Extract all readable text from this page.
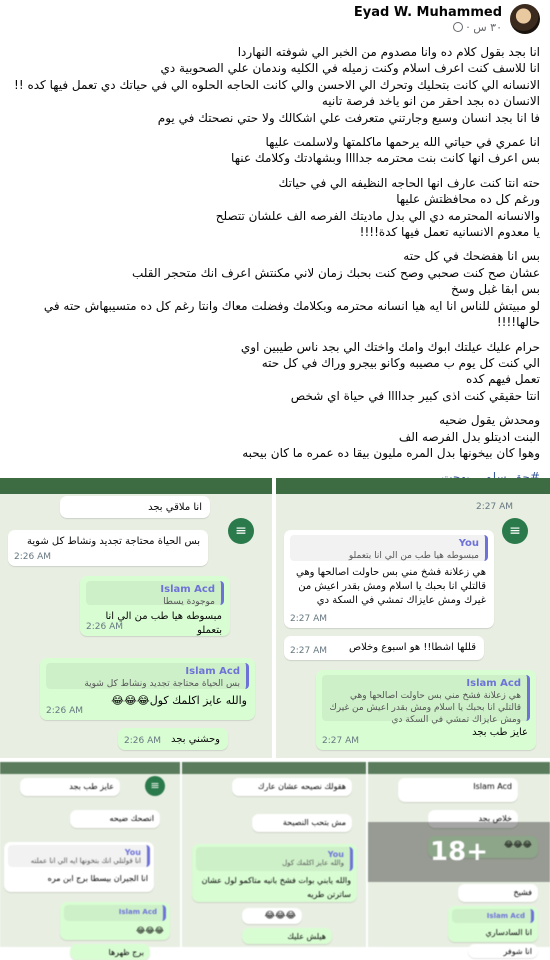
Eyad W. Muhammed
٣٠ س ·
انا بجد بقول كلام ده وانا مصدوم من الخبر الي شوفته النهاردا
انا للاسف كنت اعرف اسلام وكنت زميله في الكليه وندمان علي الصحوبية دي
الانسانه الي كانت بتحليك وتحرك الي الاحسن والي كانت الحاجه الحلوه الي في حياتك دي تعمل فيها كده !!
الانسان ده بجد احقر من انو ياخد فرصة تانيه
فا انا بجد انسان وسبع وجارتني متعرفت علي اشكالك ولا حتي نصحتك في يوم
انا عمري في حياتي الله يرحمها ماكلمتها ولاسلمت عليها
بس اعرف انها كانت بنت محترمه جداااا وبشهادتك وكلامك عنها
حته انتا كنت عارف انها الحاجه النظيفه الي في حياتك
ورغم كل ده محافظتش عليها
والانسانه المحترمه دي الي بدل ماديتك الفرصه الف علشان تتصلح
يا معدوم الانسانيه تعمل فيها كدة!!!!
بس انا هفضحك في كل حته
عشان صح كنت صحبي وصح كنت بحبك زمان لاني مكنتش اعرف انك متحجر القلب
بس ابقا غبل وسخ
لو مبيتش للناس انا ايه هيا انسانه محترمه وبكلامك وفضلت معاك وانتا رغم كل ده متسيبهاش حته في حالها!!!!
حرام عليك عيلتك ابوك وامك واختك الي بجد ناس طيبين اوي
الي كنت كل يوم ب مصيبه وكانو بيجرو وراك في كل حته
تعمل فيهم كده
انتا حقيقي كنت اذى كبير جداااا في حياة اي شخص
ومحدش يقول ضحيه
البنت اديتلو بدل الفرصه الف
وهوا كان بيخونها بدل المره مليون بيقا ده عمره ما كان بيحبه
انا ملاقي بجد
≡
بس الحياة محتاجة تجديد ونشاط كل شوية
2:26 AM
Islam Acd
موجودة يسطا
مبسوطه هيا طب من الي انا بتعملو
2:26 AM
Islam Acd
بس الحياة محتاجة تجديد ونشاط كل شوية
والله عايز اكلمك كول😂😂😂
2:26 AM
وحشني بجد
2:26 AM
2:27 AM
≡
You
مبسوطه هيا طب من الي انا بتعملو
هي زعلانة فشخ مني بس حاولت اصالحها وهي قالتلي انا بحبك يا اسلام ومش بقدر اعيش من غيرك ومش عايزاك تمشي في السكة دي
2:27 AM
قللها اشطا!! هو اسبوع وخلاص
2:27 AM
Islam Acd
هي زعلانة فشخ مني بس حاولت اصالحها وهي قالتلي انا بحبك يا اسلام ومش بقدر اعيش من غيرك ومش عايزاك تمشي في السكة دي
عايز طب بجد
2:27 AM
عايز طب بجد	≡
انصحك ضيحه
You
انا قولتلي انك بتخونها ايه الي انا عملته
انا الجيران بيسطا برج ابن مره
Islam Acd
😂😂😂
برج ظهرها
هقولك نصيحه عشان عارك
مش بتحب النصيحة
You
والله عايز اكلمك كول
والله يابني بوات فشخ بانيه متاكمو لول عشان ساترتن طريه
😂😂😂
هيلش عليك
Islam Acd
خلاص بجد
😂😂😂
18+
فشيخ
Islam Acd
انا السادساري
انا شوفر
